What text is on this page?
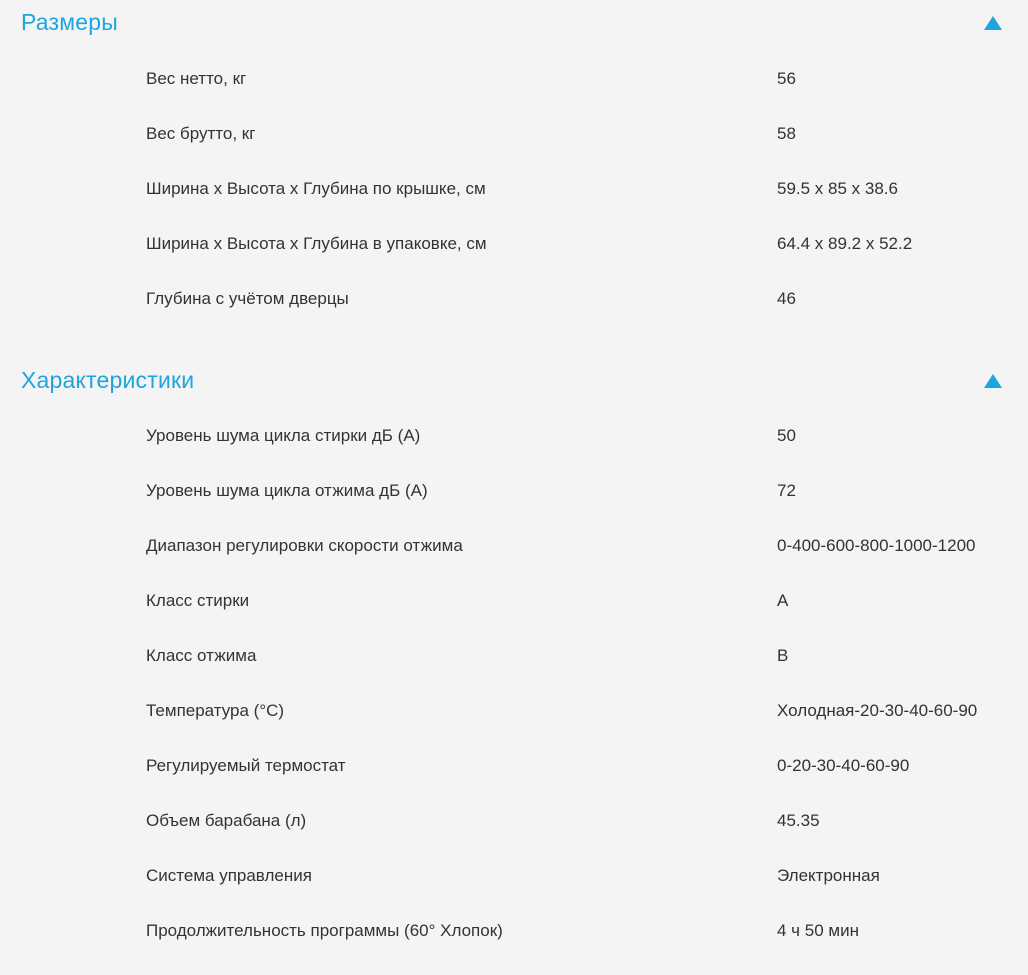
Размеры
Вес нетто, кг	56
Вес брутто, кг	58
Ширина x Высота x Глубина по крышке, см	59.5 x 85 x 38.6
Ширина x Высота x Глубина в упаковке, см	64.4 x 89.2 x 52.2
Глубина с учётом дверцы	46
Характеристики
Уровень шума цикла стирки дБ (A)	50
Уровень шума цикла отжима дБ (A)	72
Диапазон регулировки скорости отжима	0-400-600-800-1000-1200
Класс стирки	A
Класс отжима	B
Температура (°C)	Холодная-20-30-40-60-90
Регулируемый термостат	0-20-30-40-60-90
Объем барабана (л)	45.35
Система управления	Электронная
Продолжительность программы (60° Хлопок)	4 ч 50 мин
